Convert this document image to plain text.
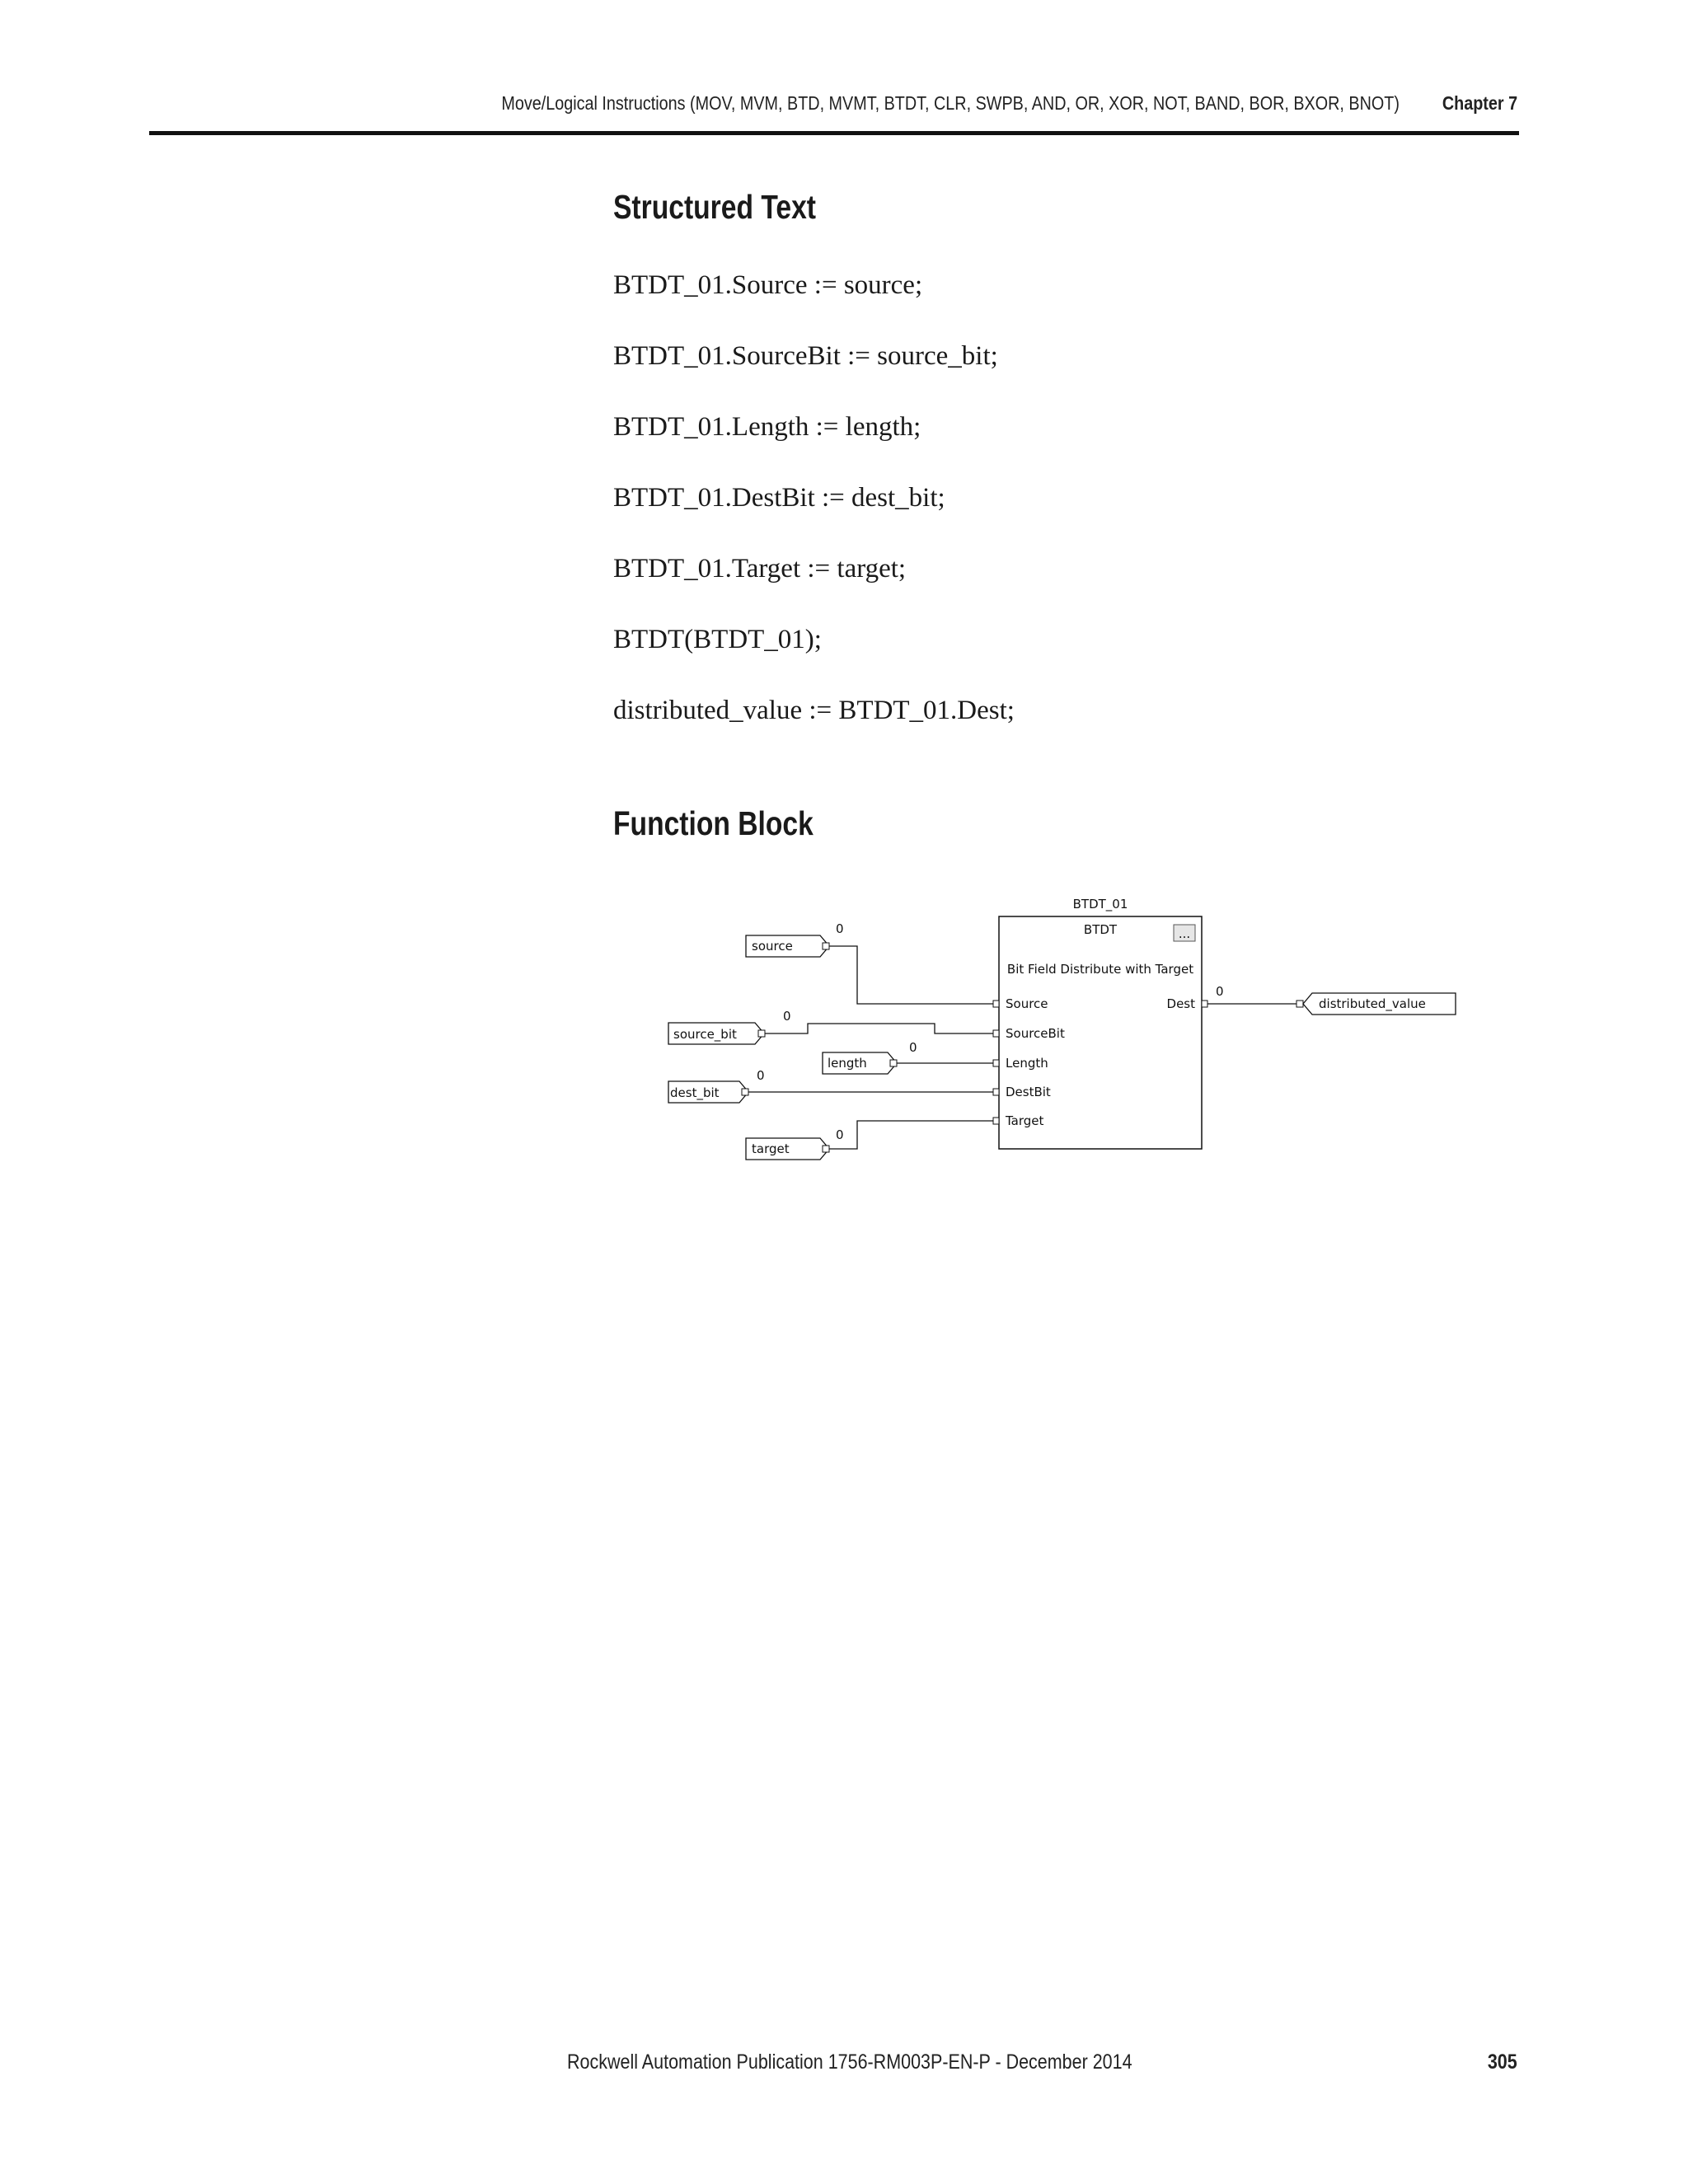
Move/Logical Instructions (MOV, MVM, BTD, MVMT, BTDT, CLR, SWPB, AND, OR, XOR, NOT, BAND, BOR, BXOR, BNOT) Chapter 7
Structured Text
BTDT_01.Source := source;
BTDT_01.SourceBit := source_bit;
BTDT_01.Length := length;
BTDT_01.DestBit := dest_bit;
BTDT_01.Target := target;
BTDT(BTDT_01);
distributed_value := BTDT_01.Dest;
Function Block
BTDT_01
BTDT	...
Bit Field Distribute with Target
Source
SourceBit
Length
DestBit
Target
Dest
source
0
source_bit
0
length
0
dest_bit
0
target
0
0
distributed_value
Rockwell Automation Publication 1756-RM003P-EN-P - December 2014	305
